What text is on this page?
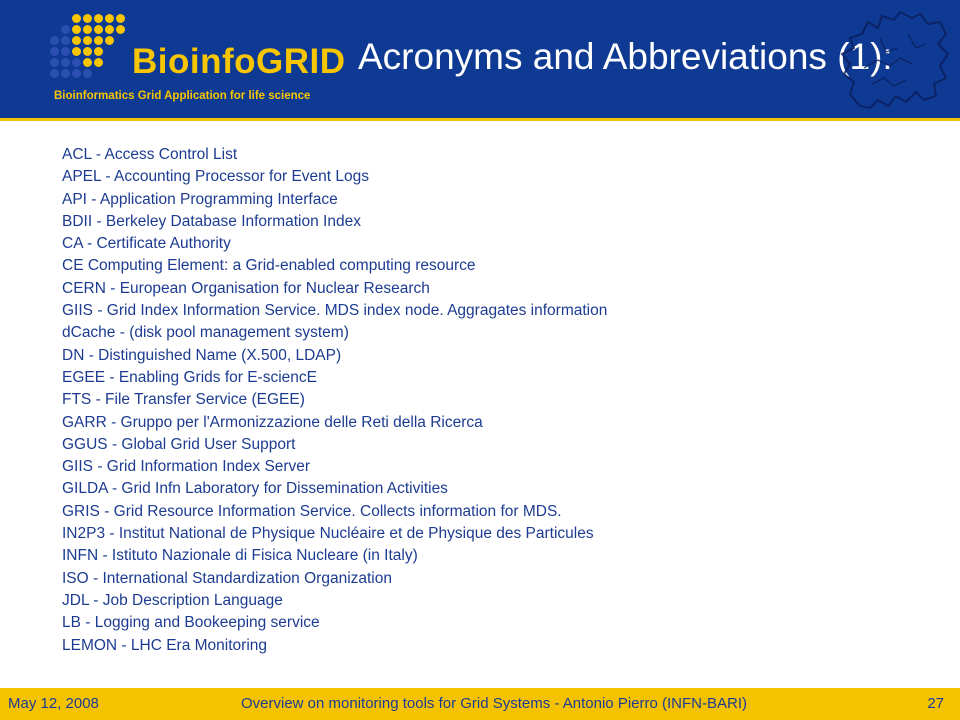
BioinfoGRID
Bioinformatics Grid Application for life science
Acronyms and Abbreviations (1):
ACL - Access Control List
APEL - Accounting Processor for Event Logs
API - Application Programming Interface
BDII - Berkeley Database Information Index
CA - Certificate Authority
CE Computing Element: a Grid-enabled computing resource
CERN - European Organisation for Nuclear Research
GIIS - Grid Index Information Service. MDS index node. Aggragates information
dCache - (disk pool management system)
DN - Distinguished Name (X.500, LDAP)
EGEE - Enabling Grids for E-sciencE
FTS - File Transfer Service (EGEE)
GARR - Gruppo per l'Armonizzazione delle Reti della Ricerca
GGUS - Global Grid User Support
GIIS - Grid Information Index Server
GILDA - Grid Infn Laboratory for Dissemination Activities
GRIS - Grid Resource Information Service. Collects information for MDS.
IN2P3 - Institut National de Physique Nucléaire et de Physique des Particules
INFN - Istituto Nazionale di Fisica Nucleare (in Italy)
ISO - International Standardization Organization
JDL - Job Description Language
LB - Logging and Bookeeping service
LEMON - LHC Era Monitoring
May 12, 2008	Overview on monitoring tools for Grid Systems - Antonio Pierro (INFN-BARI)	27
